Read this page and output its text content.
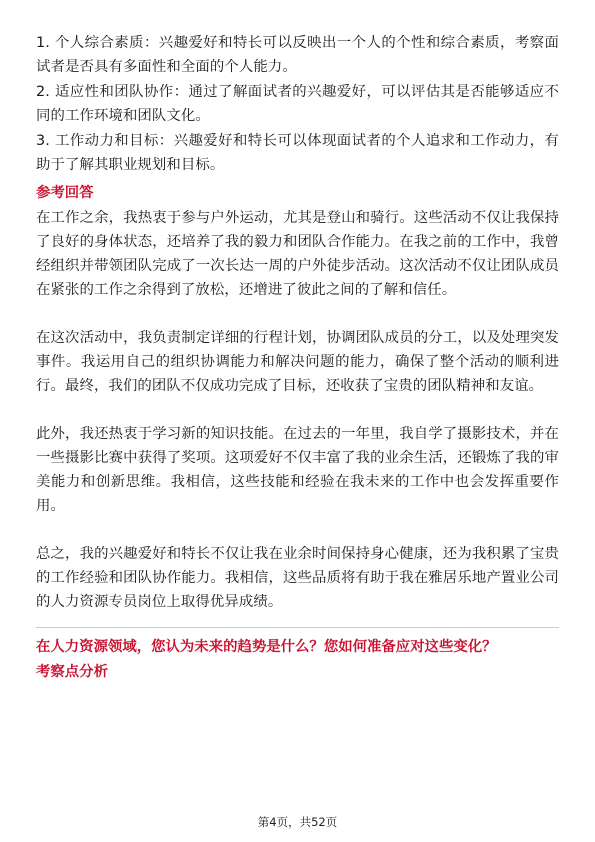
1. 个人综合素质：兴趣爱好和特长可以反映出一个人的个性和综合素质，考察面试者是否具有多面性和全面的个人能力。

2. 适应性和团队协作：通过了解面试者的兴趣爱好，可以评估其是否能够适应不同的工作环境和团队文化。

3. 工作动力和目标：兴趣爱好和特长可以体现面试者的个人追求和工作动力，有助于了解其职业规划和目标。

参考回答

在工作之余，我热衷于参与户外运动，尤其是登山和骑行。这些活动不仅让我保持了良好的身体状态，还培养了我的毅力和团队合作能力。在我之前的工作中，我曾经组织并带领团队完成了一次长达一周的户外徒步活动。这次活动不仅让团队成员在紧张的工作之余得到了放松，还增进了彼此之间的了解和信任。

在这次活动中，我负责制定详细的行程计划，协调团队成员的分工，以及处理突发事件。我运用自己的组织协调能力和解决问题的能力，确保了整个活动的顺利进行。最终，我们的团队不仅成功完成了目标，还收获了宝贵的团队精神和友谊。

此外，我还热衷于学习新的知识技能。在过去的一年里，我自学了摄影技术，并在一些摄影比赛中获得了奖项。这项爱好不仅丰富了我的业余生活，还锻炼了我的审美能力和创新思维。我相信，这些技能和经验在我未来的工作中也会发挥重要作用。

总之，我的兴趣爱好和特长不仅让我在业余时间保持身心健康，还为我积累了宝贵的工作经验和团队协作能力。我相信，这些品质将有助于我在雅居乐地产置业公司的人力资源专员岗位上取得优异成绩。

在人力资源领域，您认为未来的趋势是什么？您如何准备应对这些变化？

考察点分析

第4页，共52页
